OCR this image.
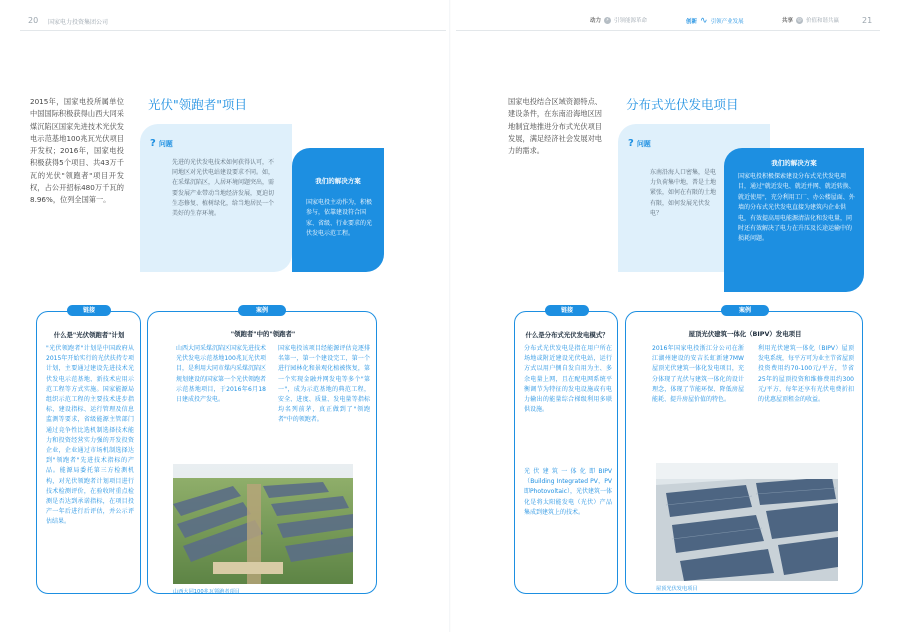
20 国家电力投资集团公司	动力 ⚡ 引领能源革命	创新 ∿ 引领产业发展	共享 ◎ 价值和谐共赢	21
2015年，国家电投所属单位中国国际积极获得山西大同采煤沉陷区国家先进技术光伏发电示范基地100兆瓦光伏项目开发权；2016年，国家电投积极获得5个项目、共43万千瓦的光伏"领跑者"项目开发权，占公开招标480万千瓦的8.96%，位列全国第一。
光伏"领跑者"项目
? 问题
先进的光伏发电技术如何获得认可，不同地区对光伏电站建设要求不同。如，在采煤沉陷区，人居环境问题突出，需要发展产业带动当地经济发展，更迫切生态修复、植树绿化，给当地居民一个美好的生存环境。
我们的解决方案
国家电投主动作为，积极参与，依靠建设符合国家、省级、行业要求的光伏发电示范工程。
链接
什么是"光伏领跑者"计划
"光伏领跑者"计划是中国政府从2015年开始实行的光伏扶持专项计划，主要通过建设先进技术光伏发电示范基地、新技术应用示范工程等方式实施。国家能源局组织示范工程的主要技术进步指标，建设指标、运行管理及信息监测等要求，省级能源主管部门通过竞争性比选机制选择技术能力和投资经营实力强的开发投资企业，企业通过市场机制选择达到"领跑者"先进技术指标的产品。能源局委托第三方检测机构，对光伏领跑者计划项目进行技术检测评价，在验收时重点检测是否达到承诺指标，在项目投产一年后进行后评估，并公示评估结果。
案例
"领跑者"中的"领跑者"
山西大同采煤沉陷区国家先进技术光伏发电示范基地100兆瓦光伏项目，是利用大同市煤内采煤沉陷区规划建设的国家第一个光伏领跑者示范基地项目，于2016年6月18日建成投产发电。
国家电投该项目经能源评估竞逐排名第一，第一个建设完工，第一个进行园林化和景观化植被恢复，第一个实现金融并网发电等多个"第一"，成为示范基地的典范工程，安全、进度、质量、发电量等指标均名列前茅，真正做到了"领跑者"中的领跑者。
山西大同100兆瓦领跑者项目
国家电投结合区域资源特点、建设条件，在东南沿海地区因地制宜地推进分布式光伏项目发展，满足经济社会发展对电力的需求。
分布式光伏发电项目
? 问题
东南沿海人口密集，是电力负荷集中地，普是土地紧张，如何在有限的土地有限，如何发展光伏发电？
我们的解决方案
国家电投积极探索建设分布式光伏发电项目，通过"就近发电、就近并网、就近转换、就近使用"，充分利用工厂、办公楼屋面、外墙的分布式光伏发电直接为建筑内企业供电，有效提高用电能源清洁化和发电量，同时还有效解决了电力在升压及长途运输中的损耗问题。
链接
什么是分布式光伏发电模式？
分布式光伏发电是指在用户所在场地或附近建设光伏电站，运行方式以用户侧自发自用为主、多余电量上网，且在配电网系统平衡调节为特征的发电设施或有电力输出的能量综合梯级利用多联供设施。
光伏建筑一体化即BIPV（Building Integrated PV，PV即Photovoltaic），光伏建筑一体化是将太阳能发电（光伏）产品集成到建筑上的技术。
案例
屋顶光伏建筑一体化（BIPV）发电项目
2016年国家电投浙江分公司在浙江湖州建设的安吉长虹新建7MW屋顶光伏建筑一体化发电项目，充分体现了光伏与建筑一体化的设计理念，体现了节能环保、降低房屋能耗、提升房屋价值的特色。
利用光伏建筑一体化（BIPV）屋顶发电系统，每平方可为业主节省屋顶投资费用约70-100元/平方，节省25年的屋顶投资和维修费用约300元/平方，每年还享有光伏电费折扣的优惠屋顶租金的收益。
屋顶光伏发电项目
